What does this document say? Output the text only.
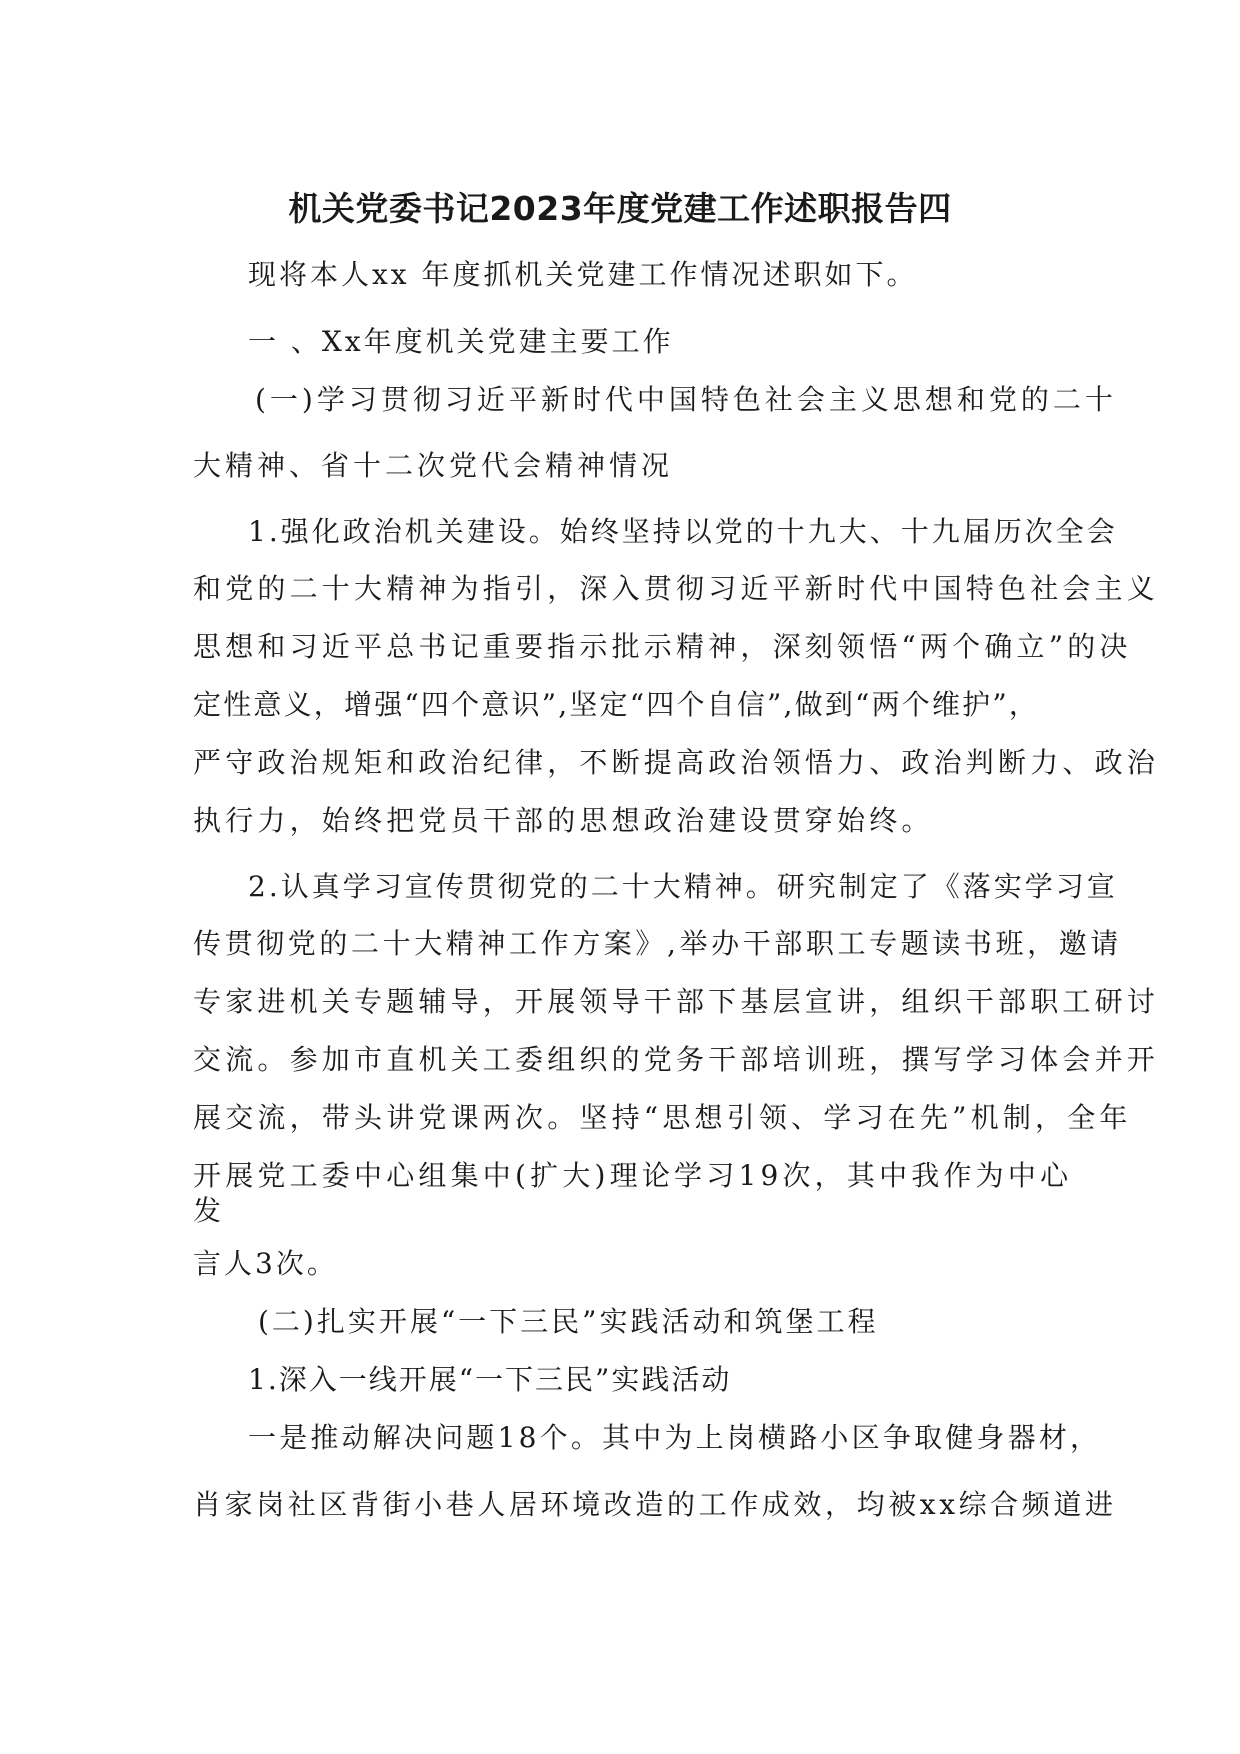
机关党委书记2023年度党建工作述职报告四

现将本人xx 年度抓机关党建工作情况述职如下。

一 、Xx年度机关党建主要工作

(一)学习贯彻习近平新时代中国特色社会主义思想和党的二十

大精神、省十二次党代会精神情况

1.强化政治机关建设。始终坚持以党的十九大、十九届历次全会

和党的二十大精神为指引，深入贯彻习近平新时代中国特色社会主义

思想和习近平总书记重要指示批示精神，深刻领悟“两个确立”的决

定性意义，增强“四个意识”,坚定“四个自信”,做到“两个维护”，

严守政治规矩和政治纪律，不断提高政治领悟力、政治判断力、政治

执行力，始终把党员干部的思想政治建设贯穿始终。

2.认真学习宣传贯彻党的二十大精神。研究制定了《落实学习宣

传贯彻党的二十大精神工作方案》,举办干部职工专题读书班，邀请

专家进机关专题辅导，开展领导干部下基层宣讲，组织干部职工研讨

交流。参加市直机关工委组织的党务干部培训班，撰写学习体会并开

展交流，带头讲党课两次。坚持“思想引领、学习在先”机制，全年

开展党工委中心组集中(扩大)理论学习19次，其中我作为中心

发

言人3次。

(二)扎实开展“一下三民”实践活动和筑堡工程

1.深入一线开展“一下三民”实践活动

一是推动解决问题18个。其中为上岗横路小区争取健身器材，

肖家岗社区背街小巷人居环境改造的工作成效，均被xx综合频道进
